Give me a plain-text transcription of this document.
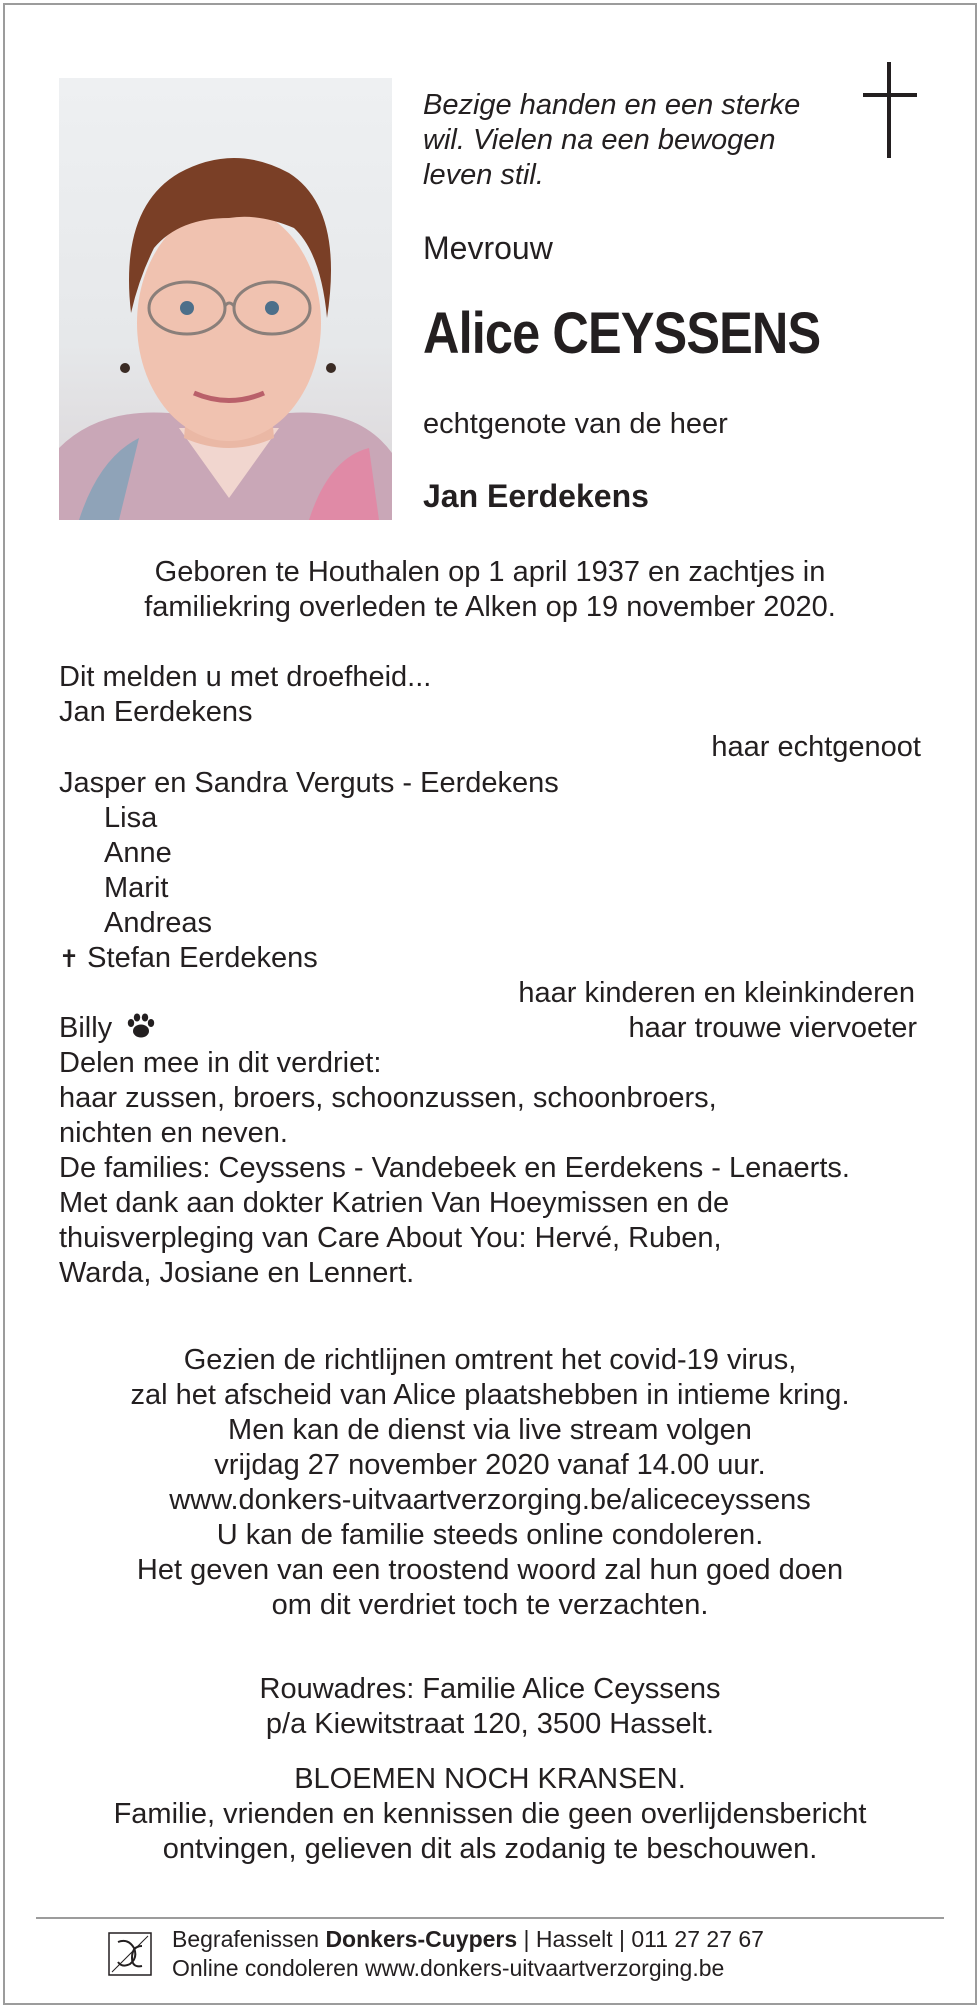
Bezige handen en een sterke
wil. Vielen na een bewogen
leven stil.
Mevrouw
Alice CEYSSENS
echtgenote van de heer
Jan Eerdekens
Geboren te Houthalen op 1 april 1937 en zachtjes in
familiekring overleden te Alken op 19 november 2020.
Dit melden u met droefheid...
Jan Eerdekens
haar echtgenoot
Jasper en Sandra Verguts - Eerdekens
Lisa
Anne
Marit
Andreas
✝ Stefan Eerdekens
haar kinderen en kleinkinderen
Billy	haar trouwe viervoeter
Delen mee in dit verdriet:
haar zussen, broers, schoonzussen, schoonbroers,
nichten en neven.
De families: Ceyssens - Vandebeek en Eerdekens - Lenaerts.
Met dank aan dokter Katrien Van Hoeymissen en de
thuisverpleging van Care About You: Hervé, Ruben,
Warda, Josiane en Lennert.
Gezien de richtlijnen omtrent het covid-19 virus,
zal het afscheid van Alice plaatshebben in intieme kring.
Men kan de dienst via live stream volgen
vrijdag 27 november 2020 vanaf 14.00 uur.
www.donkers-uitvaartverzorging.be/aliceceyssens
U kan de familie steeds online condoleren.
Het geven van een troostend woord zal hun goed doen
om dit verdriet toch te verzachten.
Rouwadres: Familie Alice Ceyssens
p/a Kiewitstraat 120, 3500 Hasselt.
BLOEMEN NOCH KRANSEN.
Familie, vrienden en kennissen die geen overlijdensbericht
ontvingen, gelieven dit als zodanig te beschouwen.
Begrafenissen Donkers-Cuypers | Hasselt | 011 27 27 67
Online condoleren www.donkers-uitvaartverzorging.be
